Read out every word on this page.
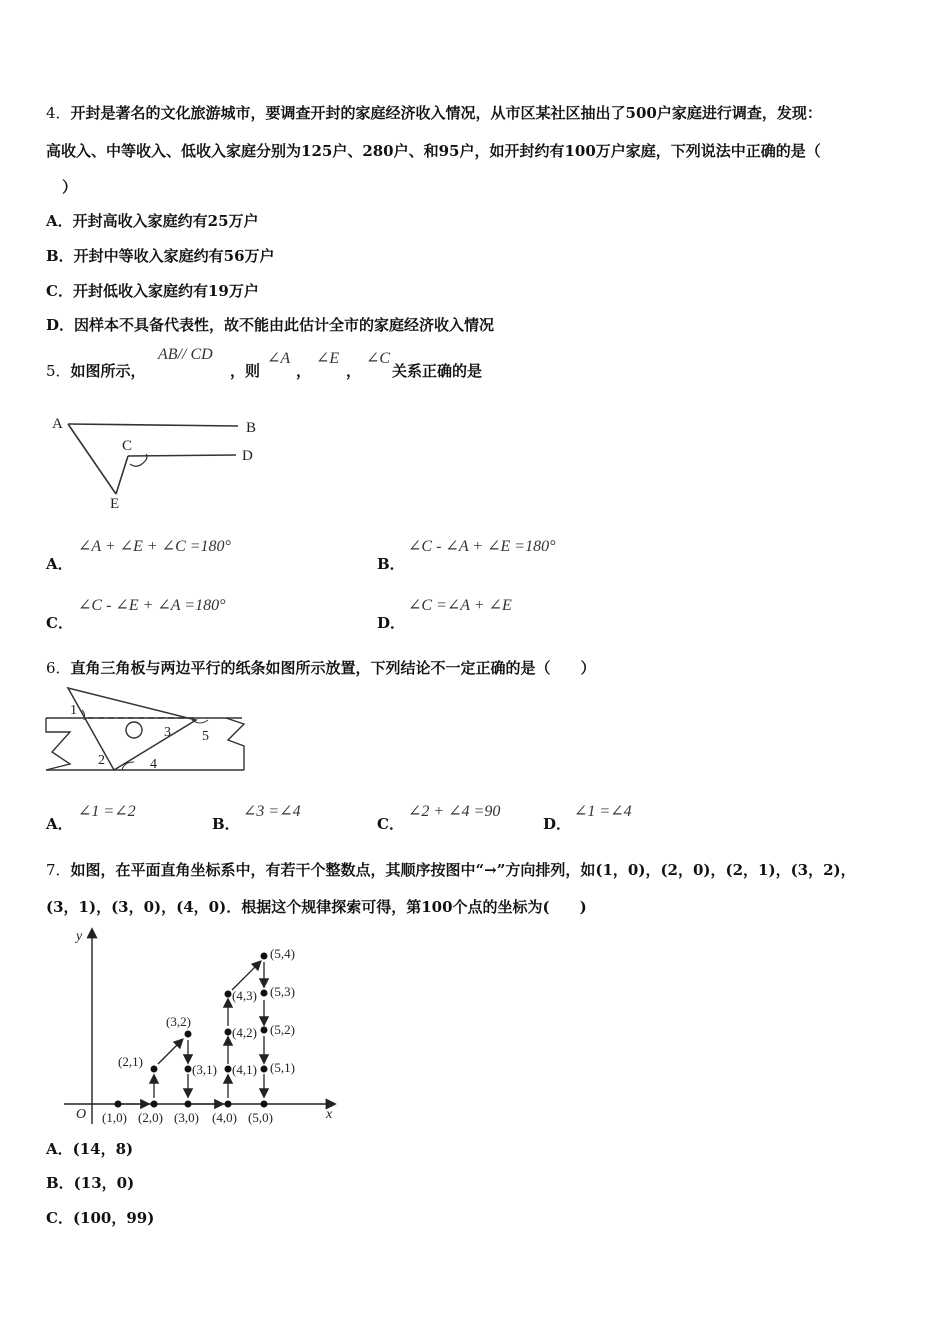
4．开封是著名的文化旅游城市，要调查开封的家庭经济收入情况，从市区某社区抽出了500户家庭进行调查，发现：
高收入、中等收入、低收入家庭分别为125户、280户、和95户，如开封约有100万户家庭，下列说法中正确的是（
）
A．开封高收入家庭约有25万户
B．开封中等收入家庭约有56万户
C．开封低收入家庭约有19万户
D．因样本不具备代表性，故不能由此估计全市的家庭经济收入情况
5．如图所示，
AB// CD
，则
∠A
，
∠E
，
∠C
关系正确的是
A	B
C
D
E
A．
∠A + ∠E + ∠C =180°
B．
∠C - ∠A + ∠E =180°
C．
∠C - ∠E + ∠A =180°
D．
∠C =∠A + ∠E
6．直角三角板与两边平行的纸条如图所示放置，下列结论不一定正确的是（　　）
1
2
3
4
5
A．
∠1 =∠2
B．
∠3 =∠4
C．
∠2 + ∠4 =90
D．
∠1 =∠4
7．如图，在平面直角坐标系中，有若干个整数点，其顺序按图中“→”方向排列，如(1，0)，(2，0)，(2，1)，(3，2)，
(3，1)，(3，0)，(4，0)．根据这个规律探索可得，第100个点的坐标为(　　)
y
x
O (1,0) (2,0) (3,0) (4,0) (5,0)
(2,1)
(3,2)
(3,1) (4,1)
(4,2)
(4,3)
(5,1)
(5,2)
(5,3)
(5,4)
A．(14，8)
B．(13，0)
C．(100，99)
